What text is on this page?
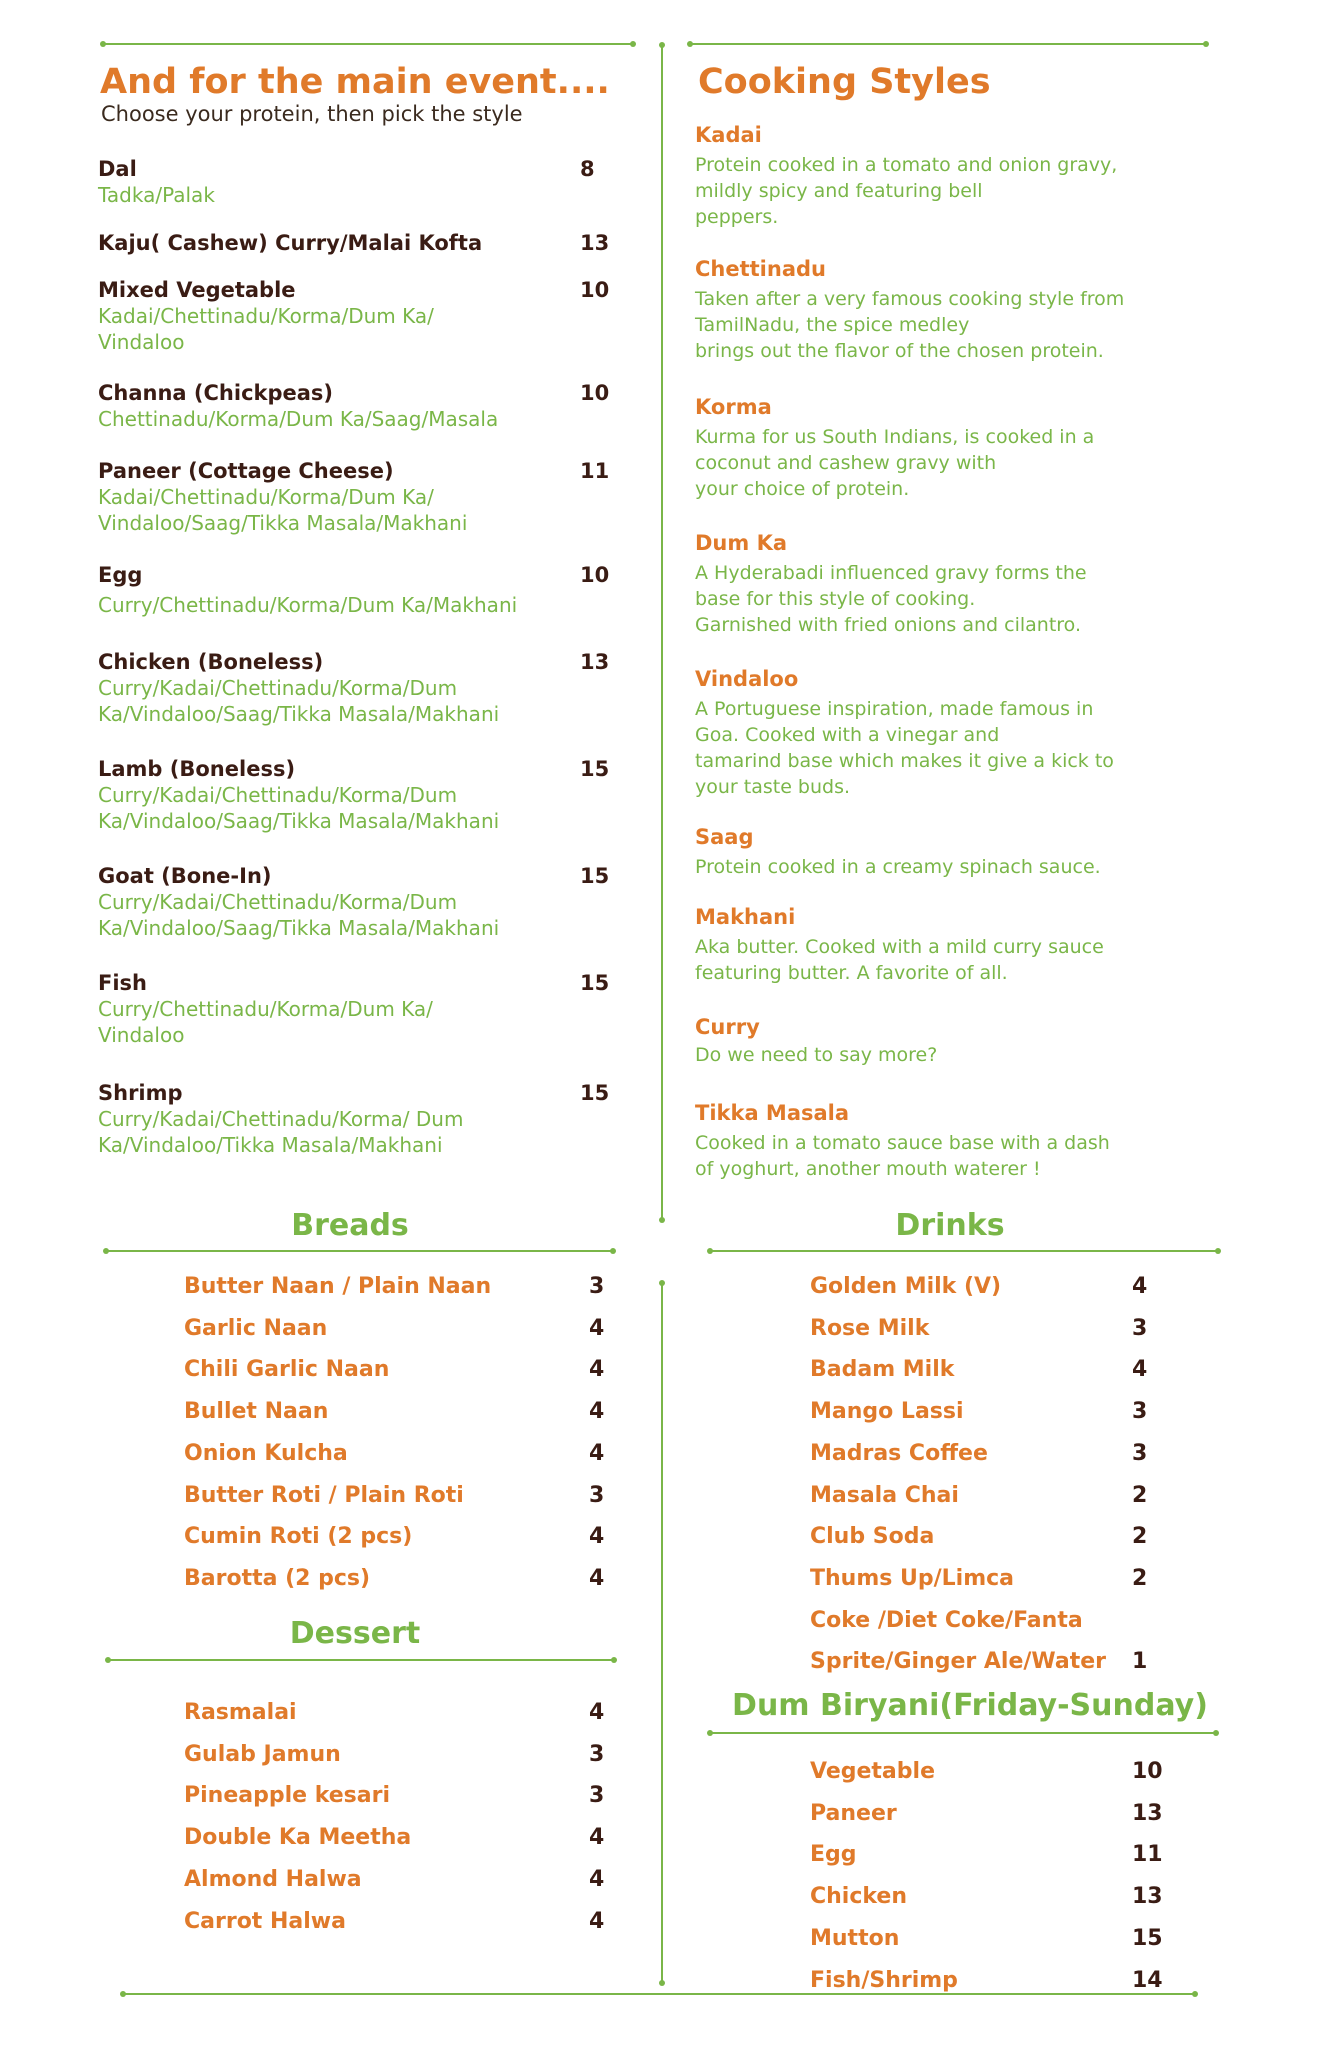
And for the main event....
Choose your protein, then pick the style
Dal	8
Tadka/Palak
Kaju( Cashew) Curry/Malai Kofta	13
Mixed Vegetable	10
Kadai/Chettinadu/Korma/Dum Ka/ Vindaloo
Channa (Chickpeas)	10
Chettinadu/Korma/Dum Ka/Saag/Masala
Paneer (Cottage Cheese)	11
Kadai/Chettinadu/Korma/Dum Ka/ Vindaloo/Saag/Tikka Masala/Makhani
Egg	10
Curry/Chettinadu/Korma/Dum Ka/Makhani
Chicken (Boneless)	13
Curry/Kadai/Chettinadu/Korma/Dum Ka/Vindaloo/Saag/Tikka Masala/Makhani
Lamb (Boneless)	15
Curry/Kadai/Chettinadu/Korma/Dum Ka/Vindaloo/Saag/Tikka Masala/Makhani
Goat (Bone-In)	15
Curry/Kadai/Chettinadu/Korma/Dum Ka/Vindaloo/Saag/Tikka Masala/Makhani
Fish	15
Curry/Chettinadu/Korma/Dum Ka/ Vindaloo
Shrimp	15
Curry/Kadai/Chettinadu/Korma/ Dum Ka/Vindaloo/Tikka Masala/Makhani
Cooking Styles
Kadai
Protein cooked in a tomato and onion gravy,
mildly spicy and featuring bell
peppers.
Chettinadu
Taken after a very famous cooking style from
TamilNadu, the spice medley
brings out the flavor of the chosen protein.
Korma
Kurma for us South Indians, is cooked in a
coconut and cashew gravy with
your choice of protein.
Dum Ka
A Hyderabadi influenced gravy forms the
base for this style of cooking.
Garnished with fried onions and cilantro.
Vindaloo
A Portuguese inspiration, made famous in
Goa. Cooked with a vinegar and
tamarind base which makes it give a kick to
your taste buds.
Saag
Protein cooked in a creamy spinach sauce.
Makhani
Aka butter. Cooked with a mild curry sauce
featuring butter. A favorite of all.
Curry
Do we need to say more?
Tikka Masala
Cooked in a tomato sauce base with a dash
of yoghurt, another mouth waterer !
Breads
Dessert
Drinks
Dum Biryani(Friday-Sunday)
Butter Naan / Plain Naan	3
Garlic Naan	4
Chili Garlic Naan	4
Bullet Naan	4
Onion Kulcha	4
Butter Roti / Plain Roti	3
Cumin Roti (2 pcs)	4
Barotta (2 pcs)	4
Rasmalai	4
Gulab Jamun	3
Pineapple kesari	3
Double Ka Meetha	4
Almond Halwa	4
Carrot Halwa	4
Golden Milk (V)	4
Rose Milk	3
Badam Milk	4
Mango Lassi	3
Madras Coffee	3
Masala Chai	2
Club Soda	2
Thums Up/Limca	2
Coke /Diet Coke/Fanta
Sprite/Ginger Ale/Water 1
Vegetable	10
Paneer	13
Egg	11
Chicken	13
Mutton	15
Fish/Shrimp	14
